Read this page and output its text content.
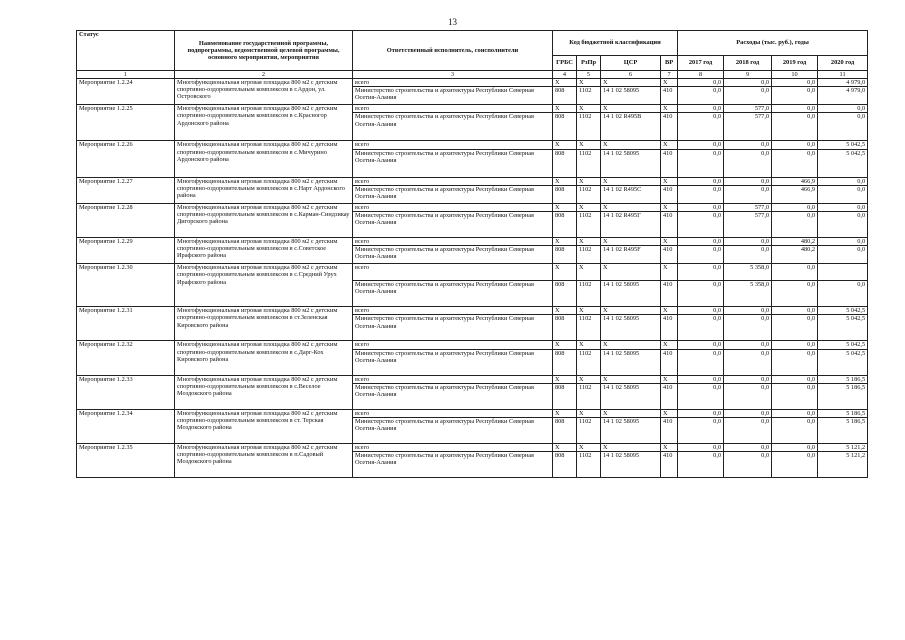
13
Статус	Наименование государственной программы, подпрограммы, ведомственной целевой программы, основного мероприятия, мероприятия	Ответственный исполнитель, соисполнители	Код бюджетной классификации				Расходы (тыс. руб.), годы			
			ГРБС	РзПр	ЦСР	ВР	2017 год	2018 год	2019 год	2020 год
1	2	3	4	5	6	7	8	9	10	11
Мероприятие 1.2.24	Многофункциональная игровая площадка 800 м2 с детским спортивно-оздоровительным комплексом в г.Ардон, ул. Островского	всего	Х	Х	Х	Х	0,0	0,0	0,0	4 979,0
		Министерство строительства и архитектуры Республики Северная Осетия-Алания	808	1102	14 1 02 58095	410	0,0	0,0	0,0	4 979,0
Мероприятие 1.2.25	Многофункциональная игровая площадка 800 м2 с детским спортивно-оздоровительным комплексом в с.Красногор Ардонского района	всего	Х	Х	Х	Х	0,0	577,0	0,0	0,0
		Министерство строительства и архитектуры Республики Северная Осетия-Алания	808	1102	14 1 02 R495В	410	0,0	577,0	0,0	0,0
Мероприятие 1.2.26	Многофункциональная игровая площадка 800 м2 с детским спортивно-оздоровительным комплексом в с.Мичурино Ардонского района	всего	Х	Х	Х	Х	0,0	0,0	0,0	5 042,5
		Министерство строительства и архитектуры Республики Северная Осетия-Алания	808	1102	14 1 02 58095	410	0,0	0,0	0,0	5 042,5
Мероприятие 1.2.27	Многофункциональная игровая площадка 800 м2 с детским спортивно-оздоровительным комплексом в с.Нарт Ардонского района	всего	Х	Х	Х	Х	0,0	0,0	466,9	0,0
		Министерство строительства и архитектуры Республики Северная Осетия-Алания	808	1102	14 1 02 R495С	410	0,0	0,0	466,9	0,0
Мероприятие 1.2.28	Многофункциональная игровая площадка 800 м2 с детским спортивно-оздоровительным комплексом в с.Карман-Синдзикау Дигорского района	всего	Х	Х	Х	Х	0,0	577,0	0,0	0,0
		Министерство строительства и архитектуры Республики Северная Осетия-Алания	808	1102	14 1 02 R495Г	410	0,0	577,0	0,0	0,0
Мероприятие 1.2.29	Многофункциональная игровая площадка 800 м2 с детским спортивно-оздоровительным комплексом в с.Советское Ирафского района	всего	Х	Х	Х	Х	0,0	0,0	480,2	0,0
		Министерство строительства и архитектуры Республики Северная Осетия-Алания	808	1102	14 1 02 R495F	410	0,0	0,0	480,2	0,0
Мероприятие 1.2.30	Многофункциональная игровая площадка 800 м2 с детским спортивно-оздоровительным комплексом в с.Средний Урух Ирафского района	всего	Х	Х	Х	Х	0,0	5 358,0	0,0	
		Министерство строительства и архитектуры Республики Северная Осетия-Алания	808	1102	14 1 02 58095	410	0,0	5 358,0	0,0	0,0
Мероприятие 1.2.31	Многофункциональная игровая площадка 800 м2 с детским спортивно-оздоровительным комплексом в ст.Зеленская Кировского района	всего	Х	Х	Х	Х	0,0	0,0	0,0	5 042,5
		Министерство строительства и архитектуры Республики Северная Осетия-Алания	808	1102	14 1 02 58095	410	0,0	0,0	0,0	5 042,5
Мероприятие 1.2.32	Многофункциональная игровая площадка 800 м2 с детским спортивно-оздоровительным комплексом в с.Дарг-Кох Кировского района	всего	Х	Х	Х	Х	0,0	0,0	0,0	5 042,5
		Министерство строительства и архитектуры Республики Северная Осетия-Алания	808	1102	14 1 02 58095	410	0,0	0,0	0,0	5 042,5
Мероприятие 1.2.33	Многофункциональная игровая площадка 800 м2 с детским спортивно-оздоровительным комплексом в с.Веселое Моздокского района	всего	Х	Х	Х	Х	0,0	0,0	0,0	5 186,5
		Министерство строительства и архитектуры Республики Северная Осетия-Алания	808	1102	14 1 02 58095	410	0,0	0,0	0,0	5 186,5
Мероприятие 1.2.34	Многофункциональная игровая площадка 800 м2 с детским спортивно-оздоровительным комплексом в ст. Терская Моздокского района	всего	Х	Х	Х	Х	0,0	0,0	0,0	5 186,5
		Министерство строительства и архитектуры Республики Северная Осетия-Алания	808	1102	14 1 02 58095	410	0,0	0,0	0,0	5 186,5
Мероприятие 1.2.35	Многофункциональная игровая площадка 800 м2 с детским спортивно-оздоровительным комплексом в п.Садовый Моздокского района	всего	Х	Х	Х	Х	0,0	0,0	0,0	5 121,2
		Министерство строительства и архитектуры Республики Северная Осетия-Алания	808	1102	14 1 02 58095	410	0,0	0,0	0,0	5 121,2
